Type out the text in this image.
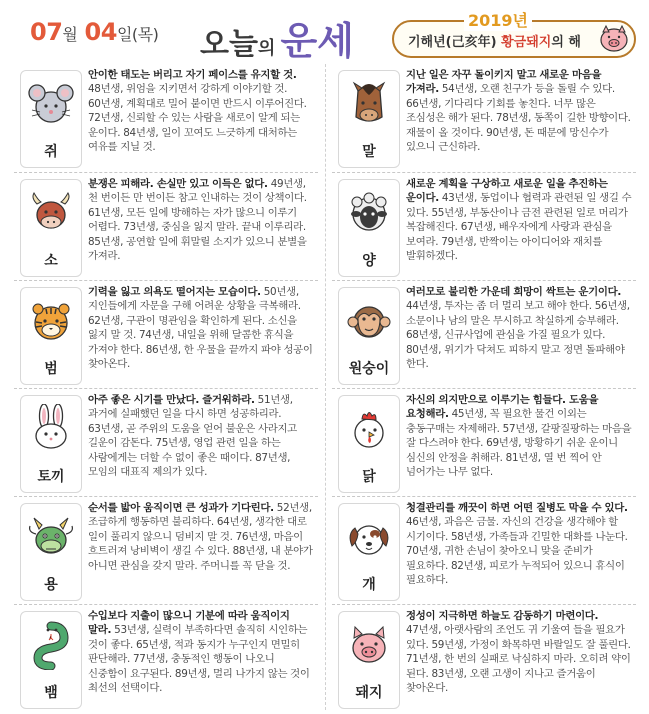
07월 04일(목) 오늘의 운세	2019년
기해년(己亥年) 황금돼지의 해
쥐
안이한 태도는 버리고 자기 페이스를 유지할 것. 48년생, 위엄을 지키면서 강하게 이야기할 것. 60년생, 계획대로 밀어 붙이면 반드시 이루어진다. 72년생, 신뢰할 수 있는 사람을 새로이 알게 되는 운이다. 84년생, 일이 꼬여도 느긋하게 대처하는 여유를 지닐 것.	말
지난 일은 자꾸 돌이키지 말고 새로운 마음을 가져라. 54년생, 오랜 친구가 등을 돌릴 수 있다. 66년생, 기다리다 기회를 놓친다. 너무 많은 조심성은 해가 된다. 78년생, 동쪽이 길한 방향이다. 재물이 올 것이다. 90년생, 돈 때문에 망신수가 있으니 근신하라.
소
분쟁은 피해라. 손실만 있고 이득은 없다. 49년생, 천 번이든 만 번이든 참고 인내하는 것이 상책이다. 61년생, 모든 일에 방해하는 자가 많으니 이루기 어렵다. 73년생, 중심을 잃지 말라. 끝내 이루리라. 85년생, 공연할 일에 휘말릴 소지가 있으니 분별을 가져라.	양
새로운 계획을 구상하고 새로운 일을 추진하는 운이다. 43년생, 동업이나 협력과 관련된 일 생길 수 있다. 55년생, 부동산이나 금전 관련된 일로 머리가 복잡해진다. 67년생, 배우자에게 사랑과 관심을 보여라. 79년생, 반짝이는 아이디어와 재치를 발휘하겠다.
범
기력을 잃고 의욕도 떨어지는 모습이다. 50년생, 지인들에게 자문을 구해 어려운 상황을 극복해라. 62년생, 구관이 명관임을 확인하게 된다. 소신을 잃지 말 것. 74년생, 내일을 위해 달콤한 휴식을 가져야 한다. 86년생, 한 우물을 끝까지 파야 성공이 찾아온다.	원숭이
여러모로 불리한 가운데 희망이 싹트는 운기이다. 44년생, 투자는 좀 더 멀리 보고 해야 한다. 56년생, 소문이나 남의 말은 무시하고 착실하게 승부해라. 68년생, 신규사업에 관심을 가질 필요가 있다. 80년생, 위기가 닥쳐도 피하지 말고 정면 돌파해야 한다.
토끼
아주 좋은 시기를 만났다. 즐거워하라. 51년생, 과거에 실패했던 일을 다시 하면 성공하리라. 63년생, 곧 주위의 도움을 얻어 불운은 사라지고 길운이 감돈다. 75년생, 영업 관련 일을 하는 사람에게는 더할 수 없이 좋은 때이다. 87년생, 모임의 대표직 제의가 있다.	닭
자신의 의지만으로 이루기는 힘들다. 도움을 요청해라. 45년생, 꼭 필요한 물건 이외는 충동구매는 자제해라. 57년생, 갈팡질팡하는 마음을 잘 다스려야 한다. 69년생, 방황하기 쉬운 운이니 심신의 안정을 취해라. 81년생, 열 번 찍어 안 넘어가는 나무 없다.
용
순서를 밟아 움직이면 큰 성과가 기다린다. 52년생, 조급하게 행동하면 불리하다. 64년생, 생각한 대로 일이 풀리지 않으니 덤비지 말 것. 76년생, 마음이 흐트러져 낭비벽이 생길 수 있다. 88년생, 내 분야가 아니면 관심을 갖지 말라. 주머니를 꼭 닫을 것.
개
청결관리를 깨끗이 하면 어떤 질병도 막을 수 있다. 46년생, 과음은 금물. 자신의 건강을 생각해야 할 시기이다. 58년생, 가족들과 긴밀한 대화를 나눈다. 70년생, 귀한 손님이 찾아오니 맞을 준비가 필요하다. 82년생, 피로가 누적되어 있으니 휴식이 필요하다.
뱀
수입보다 지출이 많으니 기분에 따라 움직이지 말라. 53년생, 실력이 부족하다면 솔직히 시인하는 것이 좋다. 65년생, 적과 동지가 누구인지 면밀히 판단해라. 77년생, 충동적인 행동이 나오니 신중함이 요구된다. 89년생, 멀리 나가지 않는 것이 최선의 선택이다.	돼지
정성이 지극하면 하늘도 감동하기 마련이다. 47년생, 아랫사람의 조언도 귀 기울여 들을 필요가 있다. 59년생, 가정이 화목하면 바랄일도 잘 풀린다. 71년생, 한 번의 실패로 낙심하지 마라. 오히려 약이 된다. 83년생, 오랜 고생이 지나고 즐거움이 찾아온다.
